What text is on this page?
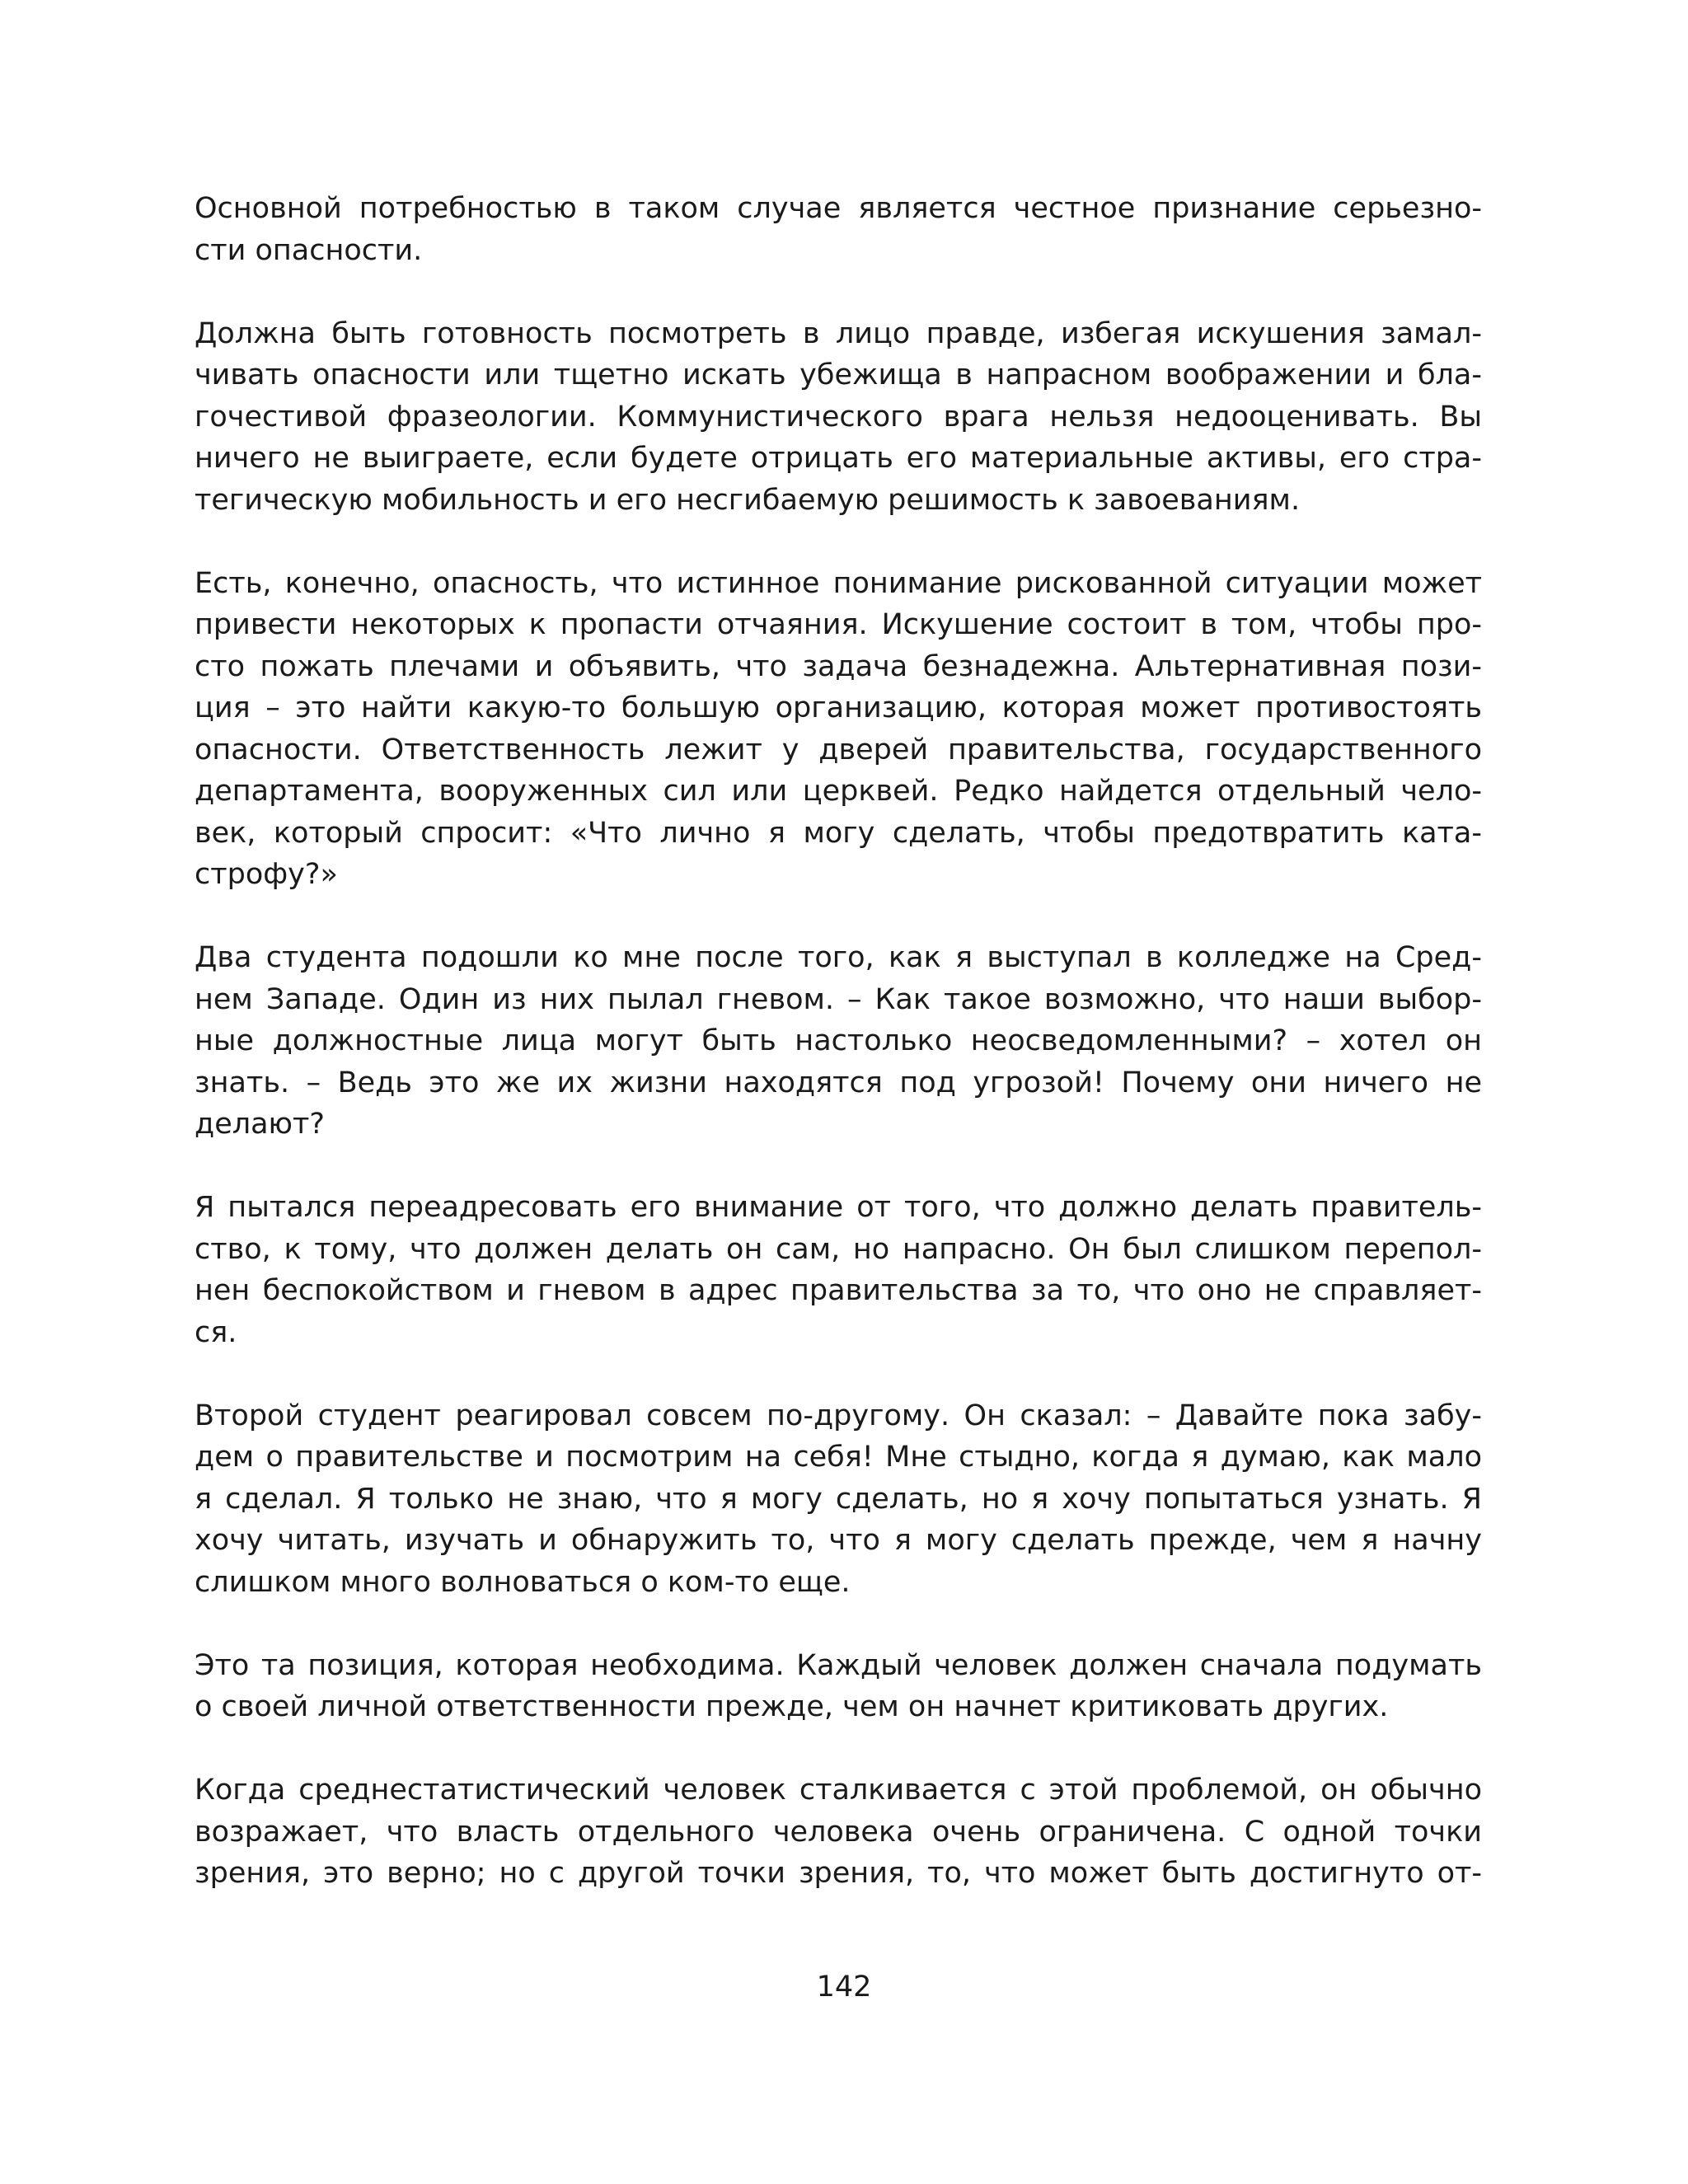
Основной потребностью в таком случае является честное признание серьезно-
сти опасности.

Должна быть готовность посмотреть в лицо правде, избегая искушения замал-
чивать опасности или тщетно искать убежища в напрасном воображении и бла-
гочестивой фразеологии. Коммунистического врага нельзя недооценивать. Вы
ничего не выиграете, если будете отрицать его материальные активы, его стра-
тегическую мобильность и его несгибаемую решимость к завоеваниям.

Есть, конечно, опасность, что истинное понимание рискованной ситуации может
привести некоторых к пропасти отчаяния. Искушение состоит в том, чтобы про-
сто пожать плечами и объявить, что задача безнадежна. Альтернативная пози-
ция – это найти какую-то большую организацию, которая может противостоять
опасности. Ответственность лежит у дверей правительства, государственного
департамента, вооруженных сил или церквей. Редко найдется отдельный чело-
век, который спросит: «Что лично я могу сделать, чтобы предотвратить ката-
строфу?»

Два студента подошли ко мне после того, как я выступал в колледже на Сред-
нем Западе. Один из них пылал гневом. – Как такое возможно, что наши выбор-
ные должностные лица могут быть настолько неосведомленными? – хотел он
знать. – Ведь это же их жизни находятся под угрозой! Почему они ничего не
делают?

Я пытался переадресовать его внимание от того, что должно делать правитель-
ство, к тому, что должен делать он сам, но напрасно. Он был слишком перепол-
нен беспокойством и гневом в адрес правительства за то, что оно не справляет-
ся.

Второй студент реагировал совсем по-другому. Он сказал: – Давайте пока забу-
дем о правительстве и посмотрим на себя! Мне стыдно, когда я думаю, как мало
я сделал. Я только не знаю, что я могу сделать, но я хочу попытаться узнать. Я
хочу читать, изучать и обнаружить то, что я могу сделать прежде, чем я начну
слишком много волноваться о ком-то еще.

Это та позиция, которая необходима. Каждый человек должен сначала подумать
о своей личной ответственности прежде, чем он начнет критиковать других.

Когда среднестатистический человек сталкивается с этой проблемой, он обычно
возражает, что власть отдельного человека очень ограничена. С одной точки
зрения, это верно; но с другой точки зрения, то, что может быть достигнуто от-

142
